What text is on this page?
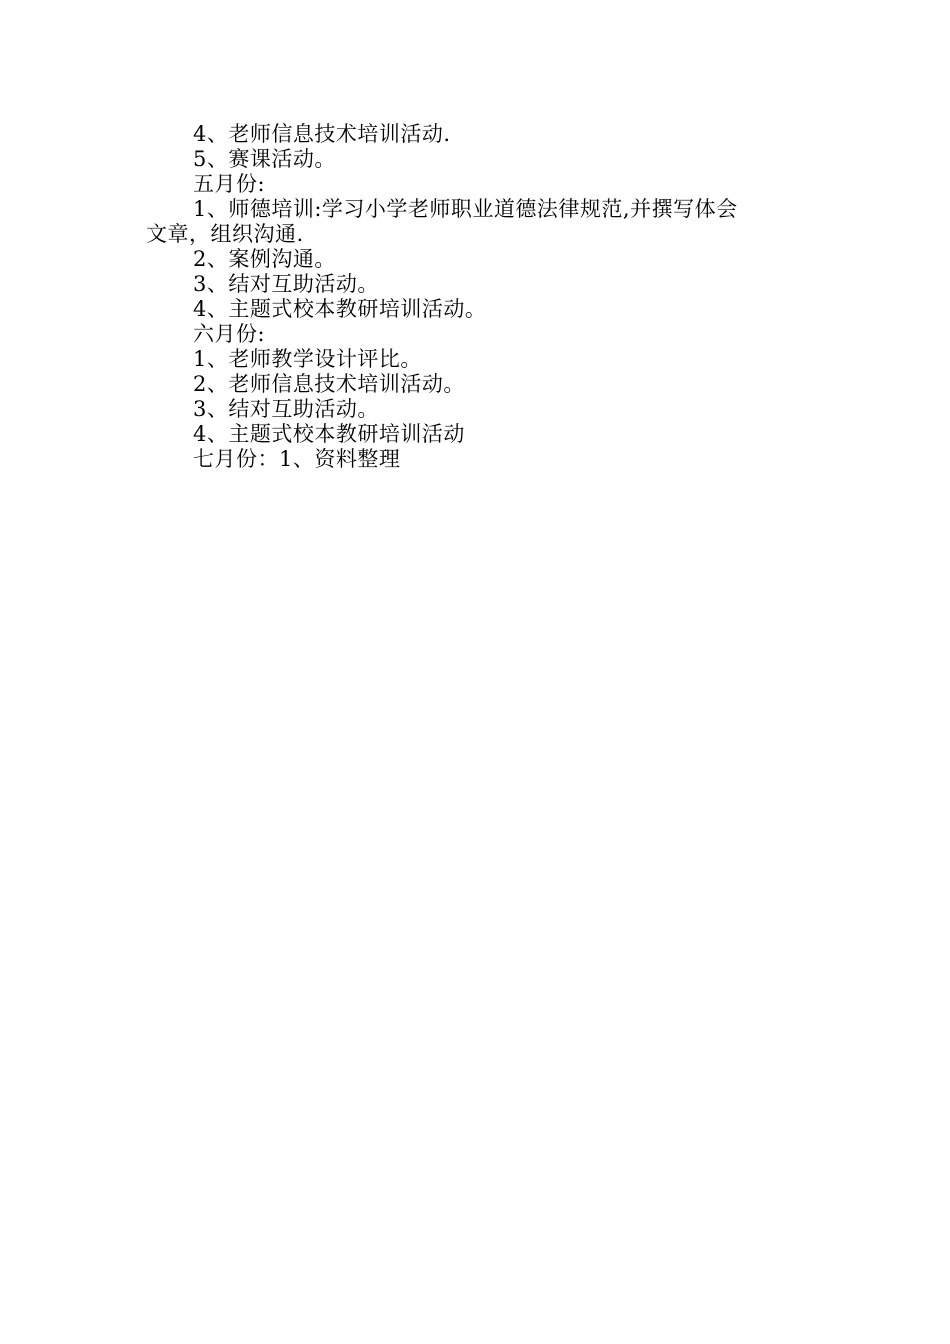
4、老师信息技术培训活动.
5、赛课活动。
五月份:
1、师德培训:学习小学老师职业道德法律规范,并撰写体会
文章，组织沟通.
2、案例沟通。
3、结对互助活动。
4、主题式校本教研培训活动。
六月份:
1、老师教学设计评比。
2、老师信息技术培训活动。
3、结对互助活动。
4、主题式校本教研培训活动
七月份：1、资料整理
